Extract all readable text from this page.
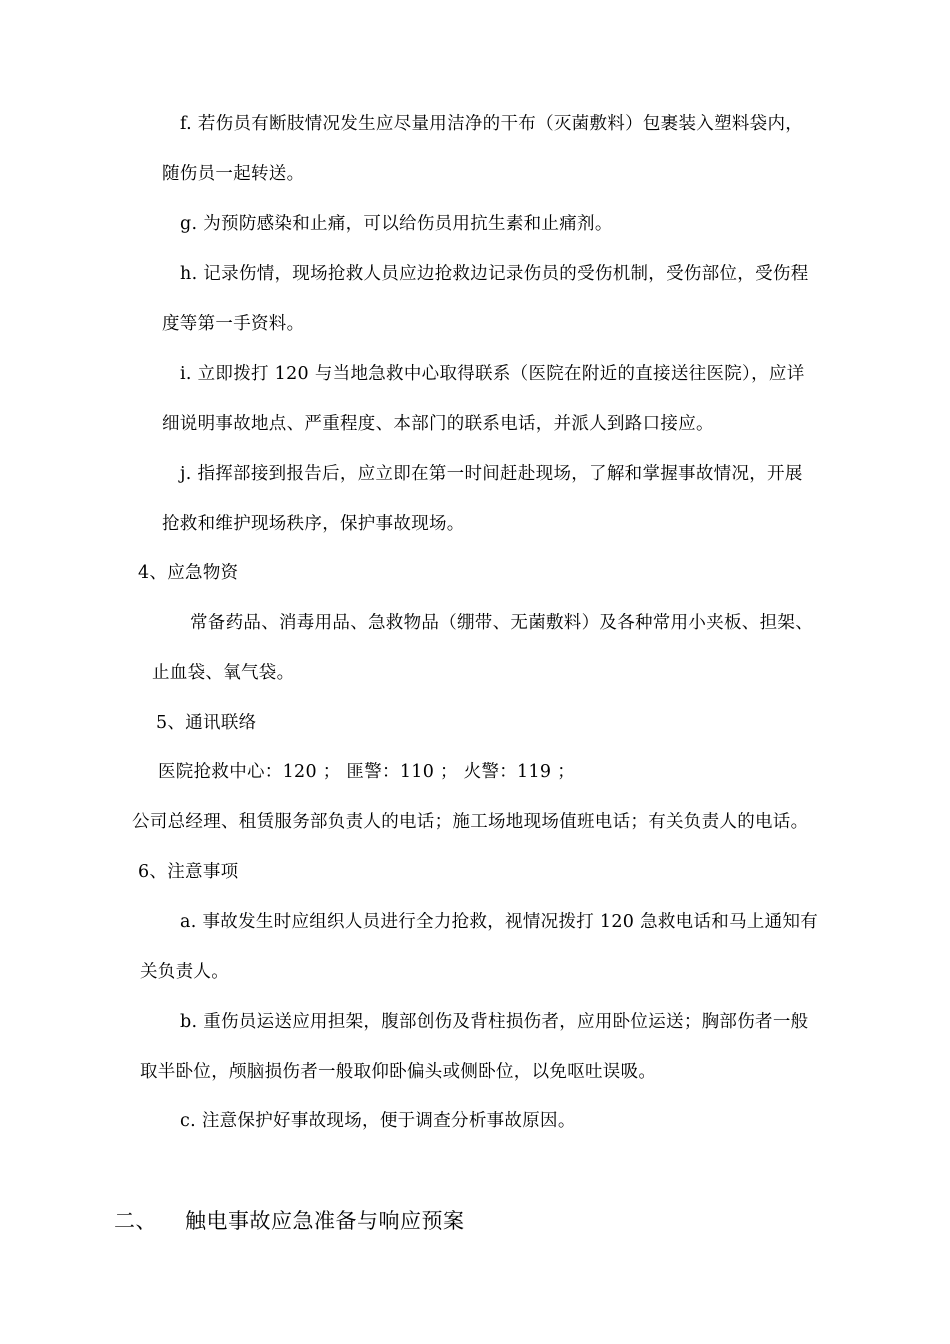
f. 若伤员有断肢情况发生应尽量用洁净的干布（灭菌敷料）包裹装入塑料袋内，
随伤员一起转送。
g. 为预防感染和止痛，可以给伤员用抗生素和止痛剂。
h. 记录伤情，现场抢救人员应边抢救边记录伤员的受伤机制，受伤部位，受伤程
度等第一手资料。
i. 立即拨打 120 与当地急救中心取得联系（医院在附近的直接送往医院），应详
细说明事故地点、严重程度、本部门的联系电话，并派人到路口接应。
j. 指挥部接到报告后，应立即在第一时间赶赴现场，了解和掌握事故情况，开展
抢救和维护现场秩序，保护事故现场。
4、应急物资
常备药品、消毒用品、急救物品（绷带、无菌敷料）及各种常用小夹板、担架、
止血袋、氧气袋。
5、通讯联络
医院抢救中心：120 ； 匪警：110 ； 火警：119 ；
公司总经理、租赁服务部负责人的电话；施工场地现场值班电话；有关负责人的电话。
6、注意事项
a. 事故发生时应组织人员进行全力抢救，视情况拨打 120 急救电话和马上通知有
关负责人。
b. 重伤员运送应用担架，腹部创伤及背柱损伤者，应用卧位运送；胸部伤者一般
取半卧位，颅脑损伤者一般取仰卧偏头或侧卧位，以免呕吐误吸。
c. 注意保护好事故现场，便于调查分析事故原因。
二、 触电事故应急准备与响应预案
